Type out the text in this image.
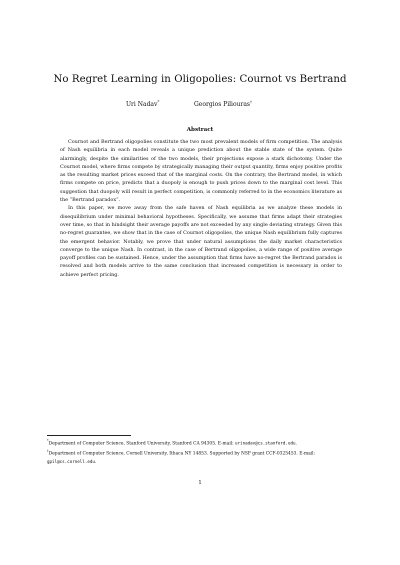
No Regret Learning in Oligopolies: Cournot vs Bertrand
Uri Nadav*	Georgios Piliouras†
Abstract

Cournot and Bertrand oligopolies constitute the two most prevalent models of firm competition. The analysis of Nash equilibria in each model reveals a unique prediction about the stable state of the system. Quite alarmingly, despite the similarities of the two models, their projections expose a stark dichotomy. Under the Cournot model, where firms compete by strategically managing their output quantity, firms enjoy positive profits as the resulting market prices exceed that of the marginal costs. On the contrary, the Bertrand model, in which firms compete on price, predicts that a duopoly is enough to push prices down to the marginal cost level. This suggestion that duopoly will result in perfect competition, is commonly referred to in the economics literature as the “Bertrand paradox”.

In this paper, we move away from the safe haven of Nash equilibria as we analyze these models in disequilibrium under minimal behavioral hypotheses. Specifically, we assume that firms adapt their strategies over time, so that in hindsight their average payoffs are not exceeded by any single deviating strategy. Given this no-regret guarantee, we show that in the case of Cournot oligopolies, the unique Nash equilibrium fully captures the emergent behavior. Notably, we prove that under natural assumptions the daily market characteristics converge to the unique Nash. In contrast, in the case of Bertrand oligopolies, a wide range of positive average payoff profiles can be sustained. Hence, under the assumption that firms have no-regret the Bertrand paradox is resolved and both models arrive to the same conclusion that increased competition is necessary in order to achieve perfect pricing.

*Department of Computer Science, Stanford University, Stanford CA 94305. E-mail: urinadav@cs.stanford.edu.

†Department of Computer Science, Cornell University, Ithaca NY 14853. Supported by NSF grant CCF-0325453. E-mail: gpil@cs.cornell.edu.

1
